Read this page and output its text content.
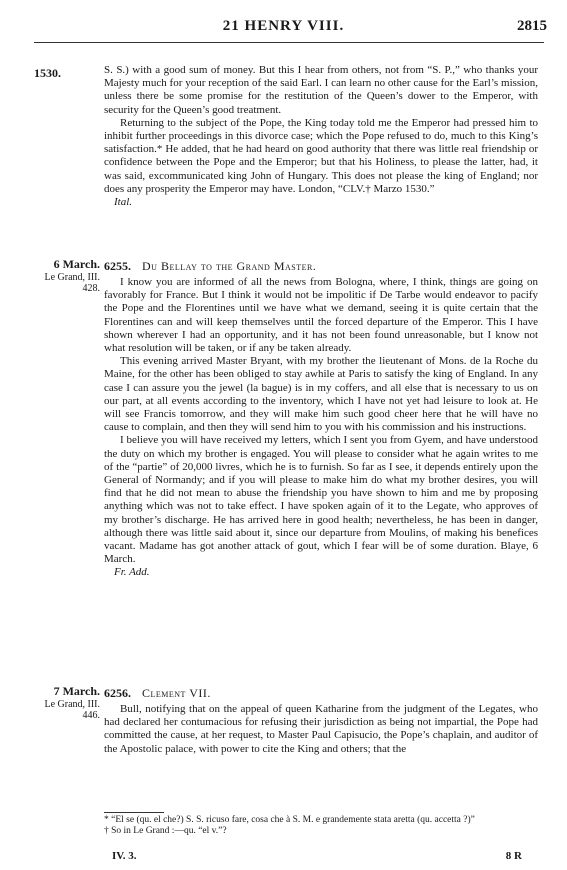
21 HENRY VIII.	2815
1530.	S. S.) with a good sum of money. But this I hear from others, not from “S. P.,” who thanks your Majesty much for your reception of the said Earl. I can learn no other cause for the Earl’s mission, unless there be some promise for the restitution of the Queen’s dower to the Emperor, with security for the Queen’s good treatment.

Returning to the subject of the Pope, the King today told me the Emperor had pressed him to inhibit further proceedings in this divorce case; which the Pope refused to do, much to this King’s satisfaction.* He added, that he had heard on good authority that there was little real friendship or confidence between the Pope and the Emperor; but that his Holiness, to please the latter, had, it was said, excommunicated king John of Hungary. This does not please the king of England; nor does any prosperity the Emperor may have. London, “CLV.† Marzo 1530.”

Ital.
6 March.
Le Grand, III.
428.
6255. Du Bellay to the Grand Master.

I know you are informed of all the news from Bologna, where, I think, things are going on favorably for France. But I think it would not be impolitic if De Tarbe would endeavor to pacify the Pope and the Florentines until we have what we demand, seeing it is quite certain that the Florentines can and will keep themselves until the forced departure of the Emperor. This I have shown wherever I had an opportunity, and it has not been found unreasonable, but I know not what resolution will be taken, or if any be taken already.

This evening arrived Master Bryant, with my brother the lieutenant of Mons. de la Roche du Maine, for the other has been obliged to stay awhile at Paris to satisfy the king of England. In any case I can assure you the jewel (la bague) is in my coffers, and all else that is necessary to us on our part, at all events according to the inventory, which I have not yet had leisure to look at. He will see Francis tomorrow, and they will make him such good cheer here that he will have no cause to complain, and then they will send him to you with his commission and his instructions.

I believe you will have received my letters, which I sent you from Gyem, and have understood the duty on which my brother is engaged. You will please to consider what he again writes to me of the “partie” of 20,000 livres, which he is to furnish. So far as I see, it depends entirely upon the General of Normandy; and if you will please to make him do what my brother desires, you will find that he did not mean to abuse the friendship you have shown to him and me by proposing anything which was not to take effect. I have spoken again of it to the Legate, who approves of my brother’s discharge. He has arrived here in good health; nevertheless, he has been in danger, although there was little said about it, since our departure from Moulins, of making his benefices vacant. Madame has got another attack of gout, which I fear will be of some duration. Blaye, 6 March.

Fr. Add.
7 March.
Le Grand, III.
446.
6256. Clement VII.

Bull, notifying that on the appeal of queen Katharine from the judgment of the Legates, who had declared her contumacious for refusing their jurisdiction as being not impartial, the Pope had committed the cause, at her request, to Master Paul Capisucio, the Pope’s chaplain, and auditor of the Apostolic palace, with power to cite the King and others; that the

* “El se (qu. el che?) S. S. ricuso fare, cosa che à S. M. e grandemente stata aretta (qu. accetta ?)”
† So in Le Grand :—qu. “el v.”?
IV. 3.	8 R
